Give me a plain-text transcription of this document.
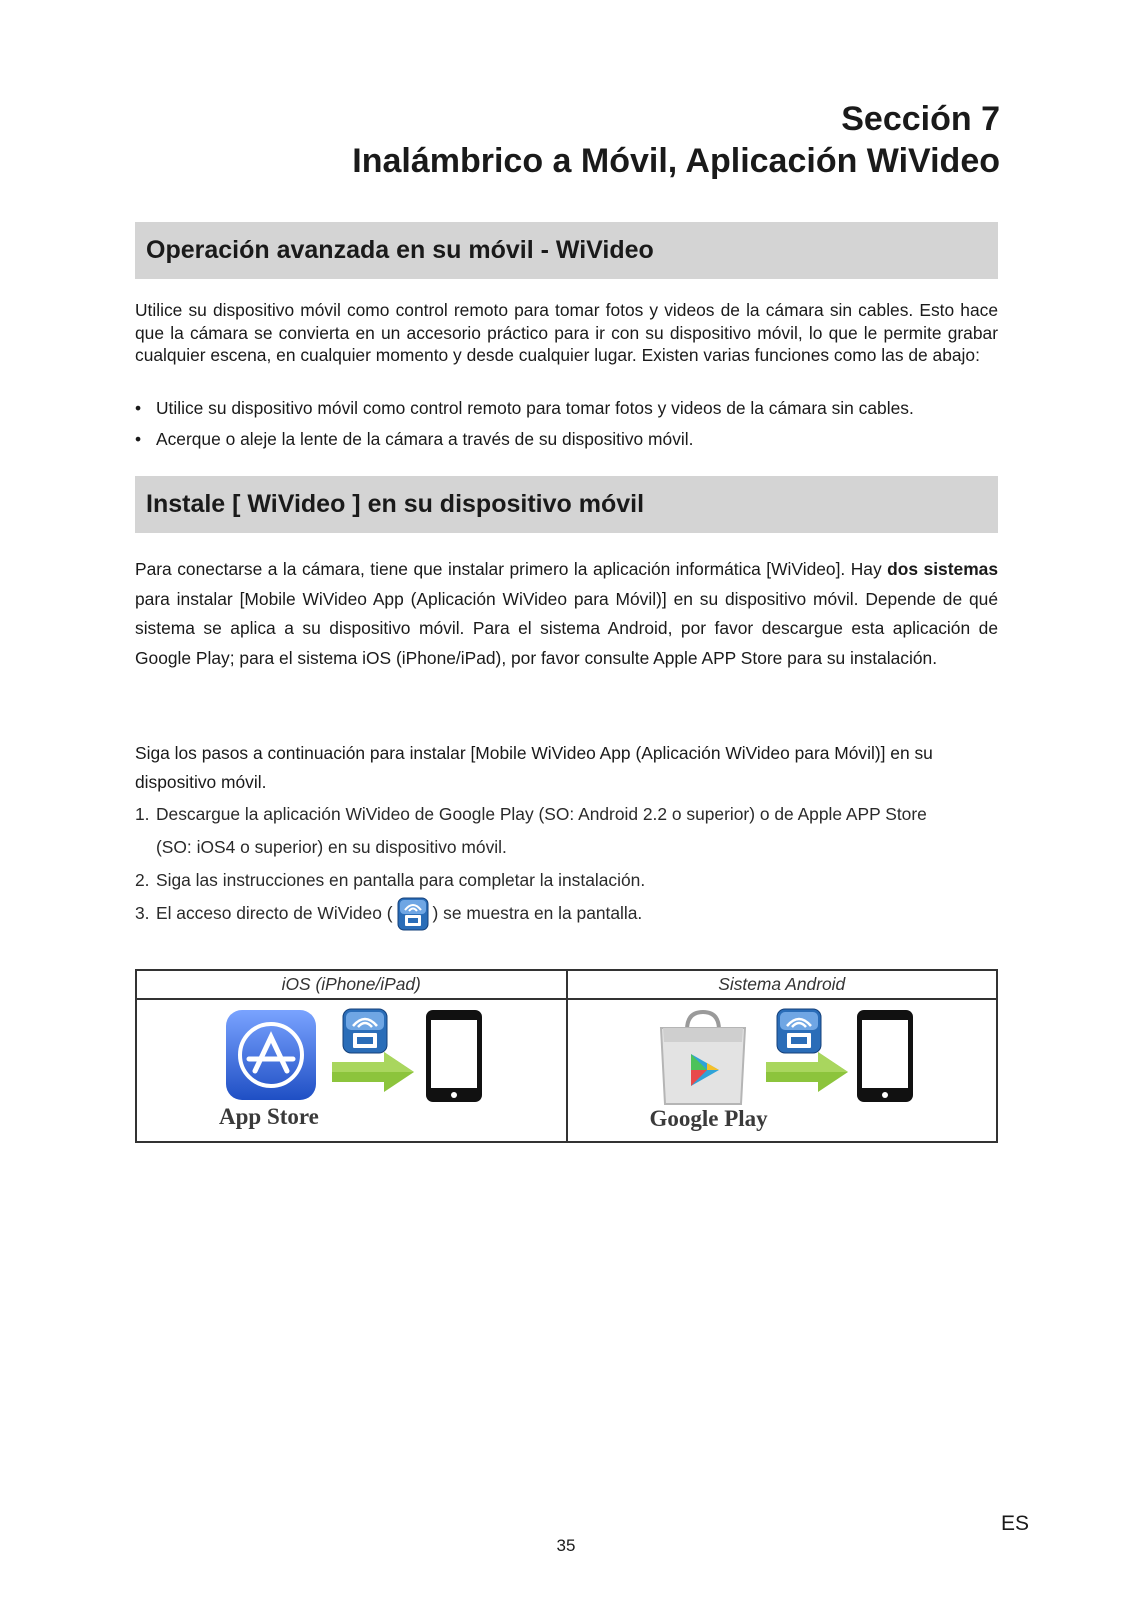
Sección 7
Inalámbrico a Móvil, Aplicación WiVideo
Operación avanzada en su móvil - WiVideo
Utilice su dispositivo móvil como control remoto para tomar fotos y videos de la cámara sin cables. Esto hace que la cámara se convierta en un accesorio práctico para ir con su dispositivo móvil, lo que le permite grabar cualquier escena, en cualquier momento y desde cualquier lugar. Existen varias funciones como las de abajo:
• Utilice su dispositivo móvil como control remoto para tomar fotos y videos de la cámara sin cables.
• Acerque o aleje la lente de la cámara a través de su dispositivo móvil.
Instale [ WiVideo ] en su dispositivo móvil
Para conectarse a la cámara, tiene que instalar primero la aplicación informática [WiVideo]. Hay dos sistemas para instalar [Mobile WiVideo App (Aplicación WiVideo para Móvil)] en su dispositivo móvil. Depende de qué sistema se aplica a su dispositivo móvil. Para el sistema Android, por favor descargue esta aplicación de Google Play; para el sistema iOS (iPhone/iPad), por favor consulte Apple APP Store para su instalación.
Siga los pasos a continuación para instalar [Mobile WiVideo App (Aplicación WiVideo para Móvil)] en su dispositivo móvil.
1. Descargue la aplicación WiVideo de Google Play (SO: Android 2.2 o superior) o de Apple APP Store (SO: iOS4 o superior) en su dispositivo móvil.
2. Siga las instrucciones en pantalla para completar la instalación.
3. El acceso directo de WiVideo ( ) se muestra en la pantalla.
iOS (iPhone/iPad)	Sistema Android

App Store	Google Play
ES
35
